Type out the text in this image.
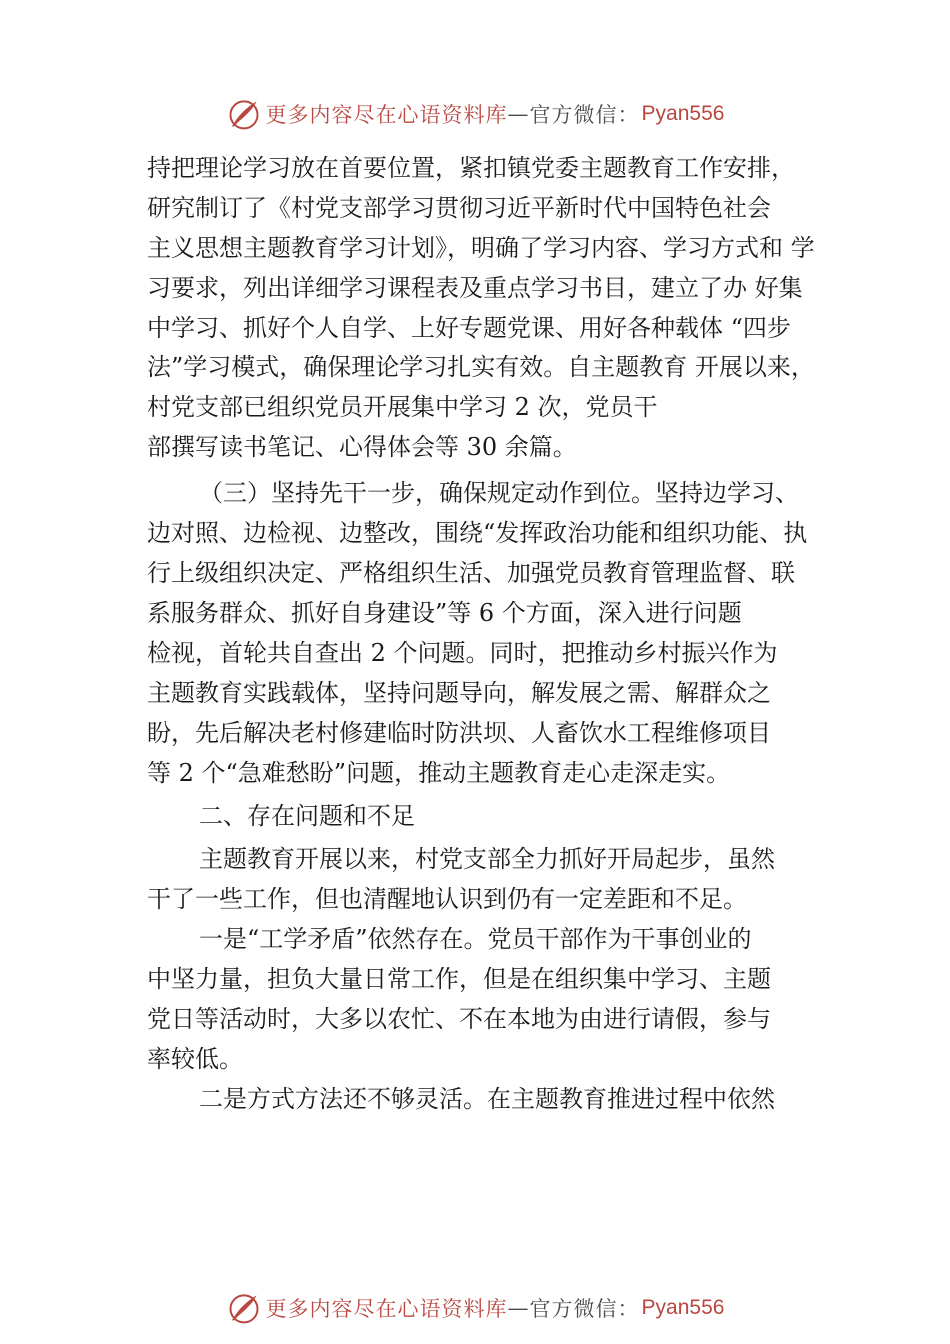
更多内容尽在心语资料库 — 官方微信： Pyan556
持把理论学习放在首要位置，紧扣镇党委主题教育工作安排，
研究制订了《村党支部学习贯彻习近平新时代中国特色社会
主义思想主题教育学习计划》，明确了学习内容、学习方式和 学
习要求，列出详细学习课程表及重点学习书目，建立了办 好集
中学习、抓好个人自学、上好专题党课、用好各种载体 “四步
法”学习模式，确保理论学习扎实有效。自主题教育 开展以来，
村党支部已组织党员开展集中学习 2 次，党员干
部撰写读书笔记、心得体会等 30 余篇。
（三）坚持先干一步，确保规定动作到位。坚持边学习、
边对照、边检视、边整改，围绕“发挥政治功能和组织功能、执
行上级组织决定、严格组织生活、加强党员教育管理监督、联
系服务群众、抓好自身建设”等 6 个方面，深入进行问题
检视，首轮共自查出 2 个问题。同时，把推动乡村振兴作为
主题教育实践载体，坚持问题导向，解发展之需、解群众之
盼，先后解决老村修建临时防洪坝、人畜饮水工程维修项目
等 2 个“急难愁盼”问题，推动主题教育走心走深走实。
二、存在问题和不足
主题教育开展以来，村党支部全力抓好开局起步，虽然
干了一些工作，但也清醒地认识到仍有一定差距和不足。
一是“工学矛盾”依然存在。党员干部作为干事创业的
中坚力量，担负大量日常工作，但是在组织集中学习、主题
党日等活动时，大多以农忙、不在本地为由进行请假，参与
率较低。
二是方式方法还不够灵活。在主题教育推进过程中依然
更多内容尽在心语资料库 — 官方微信： Pyan556
